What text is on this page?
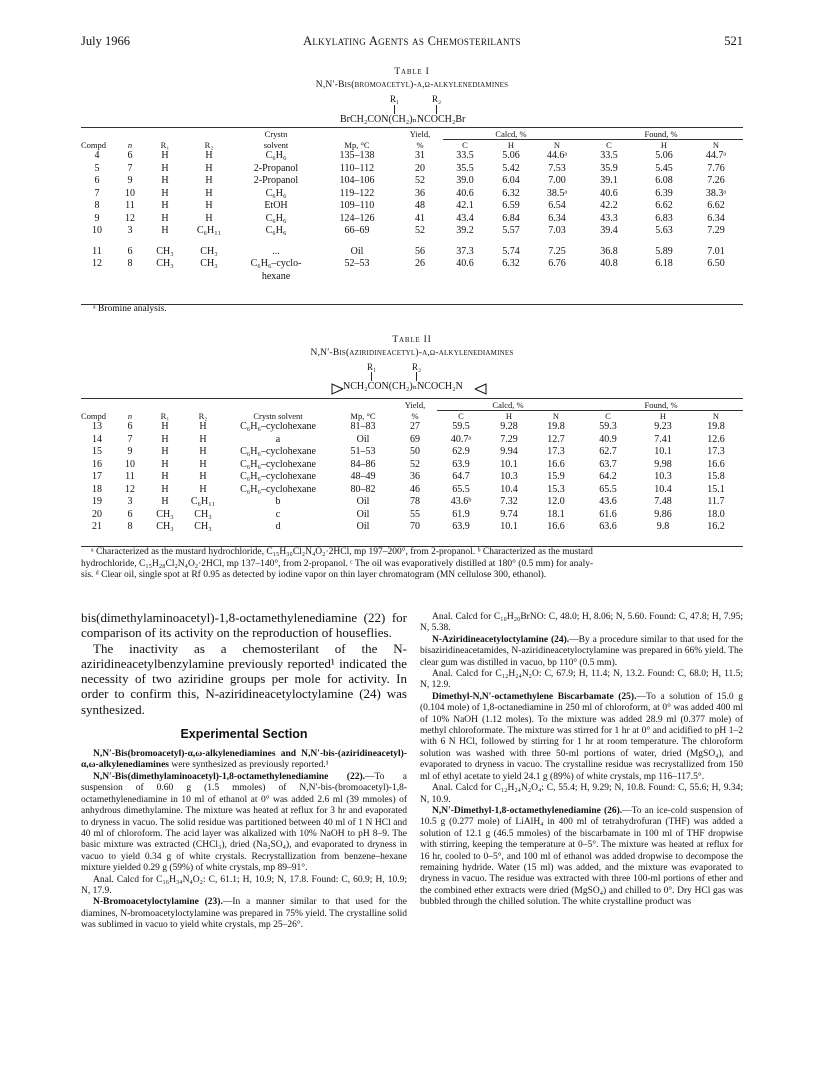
July 1966	Alkylating Agents as Chemosterilants	521
Table I
N,N′-Bis(bromoacetyl)-α,ω-alkylenediamines
R₁	R₂
BrCH₂CON(CH₂)ₙNCOCH₂Br
				Crystn		Yield,	Calcd, %			Found, %		
Compd	n	R₁	R₂	solvent	Mp, °C	%	C	H	N	C	H	N
4	6	H	H	C₆H₆	135–138	31	33.5	5.06	44.6ᵃ	33.5	5.06	44.7ᵃ
5	7	H	H	2-Propanol	110–112	20	35.5	5.42	7.53	35.9	5.45	7.76
6	9	H	H	2-Propanol	104–106	52	39.0	6.04	7.00	39.1	6.08	7.26
7	10	H	H	C₆H₆	119–122	36	40.6	6.32	38.5ᵃ	40.6	6.39	38.3ᵃ
8	11	H	H	EtOH	109–110	48	42.1	6.59	6.54	42.2	6.62	6.62
9	12	H	H	C₆H₆	124–126	41	43.4	6.84	6.34	43.3	6.83	6.34
10	3	H	C₆H₁₁	C₆H₆	66–69	52	39.2	5.57	7.03	39.4	5.63	7.29

11	6	CH₃	CH₃	...	Oil	56	37.3	5.74	7.25	36.8	5.89	7.01
12	8	CH₃	CH₃	C₆H₆–cyclo-	52–53	26	40.6	6.32	6.76	40.8	6.18	6.50
				hexane								
ᵃ Bromine analysis.
Table II
N,N′-Bis(aziridineacetyl)-α,ω-alkylenediamines
R₁	R₂
NCH₂CON(CH₂)ₙNCOCH₂N
						Yield,	Calcd, %			Found, %		
Compd	n	R₁	R₂	Crystn solvent	Mp, °C	%	C	H	N	C	H	N
13	6	H	H	C₆H₆–cyclohexane	81–83	27	59.5	9.28	19.8	59.3	9.23	19.8
14	7	H	H	a	Oil	69	40.7ᵃ	7.29	12.7	40.9	7.41	12.6
15	9	H	H	C₆H₆–cyclohexane	51–53	50	62.9	9.94	17.3	62.7	10.1	17.3
16	10	H	H	C₆H₆–cyclohexane	84–86	52	63.9	10.1	16.6	63.7	9.98	16.6
17	11	H	H	C₆H₆–cyclohexane	48–49	36	64.7	10.3	15.9	64.2	10.3	15.8
18	12	H	H	C₆H₆–cyclohexane	80–82	46	65.5	10.4	15.3	65.5	10.4	15.1
19	3	H	C₆H₁₁	b	Oil	78	43.6ᵇ	7.32	12.0	43.6	7.48	11.7
20	6	CH₃	CH₃	c	Oil	55	61.9	9.74	18.1	61.6	9.86	18.0
21	8	CH₃	CH₃	d	Oil	70	63.9	10.1	16.6	63.6	9.8	16.2
ᵃ Characterized as the mustard hydrochloride, C₁₅H₃₀Cl₂N₄O₂·2HCl, mp 197–200°, from 2-propanol. ᵇ Characterized as the mustard
hydrochloride, C₁₅H₂₈Cl₂N₄O₂·2HCl, mp 137–140°, from 2-propanol. ᶜ The oil was evaporatively distilled at 180° (0.5 mm) for analy-
sis. ᵈ Clear oil, single spot at Rf 0.95 as detected by iodine vapor on thin layer chromatogram (MN cellulose 300, ethanol).

bis(dimethylaminoacetyl)-1,8-octamethylenediamine (22) for comparison of its activity on the reproduction of houseflies.

The inactivity as a chemosterilant of the N-aziridineacetylbenzylamine previously reported¹ indicated the necessity of two aziridine groups per mole for activity. In order to confirm this, N-aziridineacetyloctylamine (24) was synthesized.

Experimental Section

N,N′-Bis(bromoacetyl)-α,ω-alkylenediamines and N,N′-bis-(aziridineacetyl)-α,ω-alkylenediamines were synthesized as previously reported.¹

N,N′-Bis(dimethylaminoacetyl)-1,8-octamethylenediamine (22).—To a suspension of 0.60 g (1.5 mmoles) of N,N′-bis-(bromoacetyl)-1,8-octamethylenediamine in 10 ml of ethanol at 0° was added 2.6 ml (39 mmoles) of anhydrous dimethylamine. The mixture was heated at reflux for 3 hr and evaporated to dryness in vacuo. The solid residue was partitioned between 40 ml of 1 N HCl and 40 ml of chloroform. The acid layer was alkalized with 10% NaOH to pH 8–9. The basic mixture was extracted (CHCl₃), dried (Na₂SO₄), and evaporated to dryness in vacuo to yield 0.34 g of white crystals. Recrystallization from benzene–hexane mixture yielded 0.29 g (59%) of white crystals, mp 89–91°.

Anal. Calcd for C₁₆H₃₄N₄O₂: C, 61.1; H, 10.9; N, 17.8. Found: C, 60.9; H, 10.9; N, 17.9.

N-Bromoacetyloctylamine (23).—In a manner similar to that used for the diamines, N-bromoacetyloctylamine was prepared in 75% yield. The crystalline solid was sublimed in vacuo to yield white crystals, mp 25–26°.

Anal. Calcd for C₁₀H₂₀BrNO: C, 48.0; H, 8.06; N, 5.60. Found: C, 47.8; H, 7.95; N, 5.38.

N-Aziridineacetyloctylamine (24).—By a procedure similar to that used for the bisaziridineacetamides, N-aziridineacetyloctylamine was prepared in 66% yield. The clear gum was distilled in vacuo, bp 110° (0.5 mm).

Anal. Calcd for C₁₂H₂₄N₂O: C, 67.9; H, 11.4; N, 13.2. Found: C, 68.0; H, 11.5; N, 12.9.

Dimethyl-N,N′-octamethylene Biscarbamate (25).—To a solution of 15.0 g (0.104 mole) of 1,8-octanediamine in 250 ml of chloroform, at 0° was added 400 ml of 10% NaOH (1.12 moles). To the mixture was added 28.9 ml (0.377 mole) of methyl chloroformate. The mixture was stirred for 1 hr at 0° and acidified to pH 1–2 with 6 N HCl, followed by stirring for 1 hr at room temperature. The chloroform solution was washed with three 50-ml portions of water, dried (MgSO₄), and evaporated to dryness in vacuo. The crystalline residue was recrystallized from 150 ml of ethyl acetate to yield 24.1 g (89%) of white crystals, mp 116–117.5°.

Anal. Calcd for C₁₂H₂₄N₂O₄: C, 55.4; H, 9.29; N, 10.8. Found: C, 55.6; H, 9.34; N, 10.9.

N,N′-Dimethyl-1,8-octamethylenediamine (26).—To an ice-cold suspension of 10.5 g (0.277 mole) of LiAlH₄ in 400 ml of tetrahydrofuran (THF) was added a solution of 12.1 g (46.5 mmoles) of the biscarbamate in 100 ml of THF dropwise with stirring, keeping the temperature at 0–5°. The mixture was heated at reflux for 16 hr, cooled to 0–5°, and 100 ml of ethanol was added dropwise to decompose the remaining hydride. Water (15 ml) was added, and the mixture was evaporated to dryness in vacuo. The residue was extracted with three 100-ml portions of ether and the combined ether extracts were dried (MgSO₄) and chilled to 0°. Dry HCl gas was bubbled through the chilled solution. The white crystalline product was
